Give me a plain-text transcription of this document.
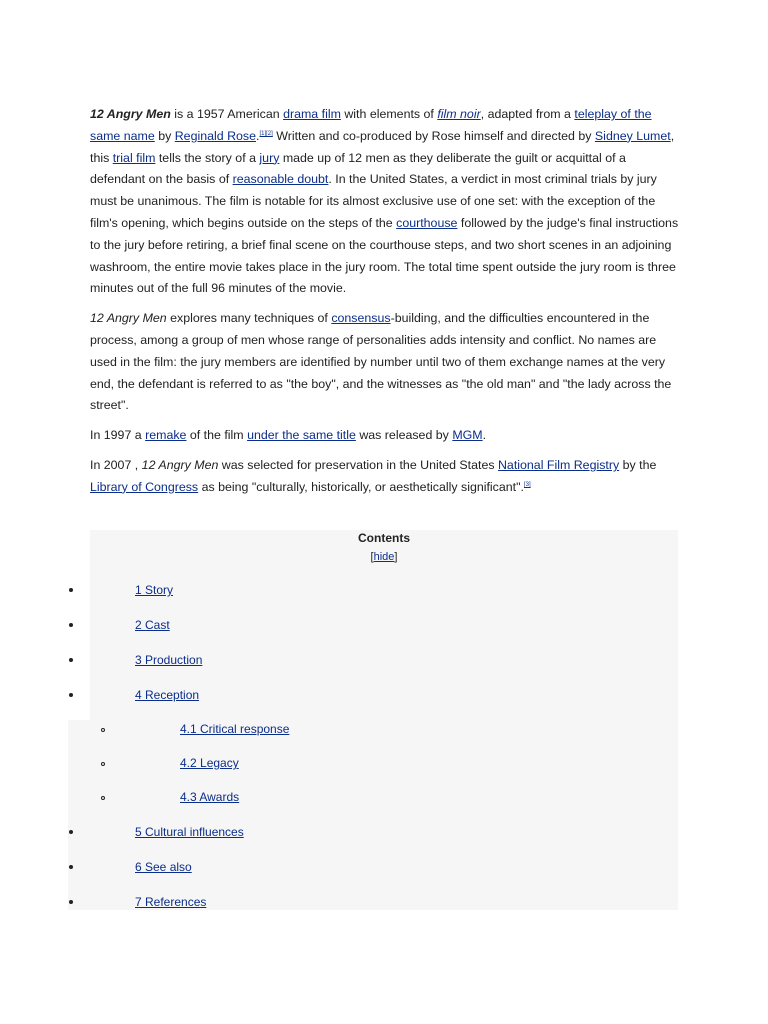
12 Angry Men is a 1957 American drama film with elements of film noir, adapted from a teleplay of the same name by Reginald Rose.[1][2] Written and co-produced by Rose himself and directed by Sidney Lumet, this trial film tells the story of a jury made up of 12 men as they deliberate the guilt or acquittal of a defendant on the basis of reasonable doubt. In the United States, a verdict in most criminal trials by jury must be unanimous. The film is notable for its almost exclusive use of one set: with the exception of the film's opening, which begins outside on the steps of the courthouse followed by the judge's final instructions to the jury before retiring, a brief final scene on the courthouse steps, and two short scenes in an adjoining washroom, the entire movie takes place in the jury room. The total time spent outside the jury room is three minutes out of the full 96 minutes of the movie.

12 Angry Men explores many techniques of consensus-building, and the difficulties encountered in the process, among a group of men whose range of personalities adds intensity and conflict. No names are used in the film: the jury members are identified by number until two of them exchange names at the very end, the defendant is referred to as "the boy", and the witnesses as "the old man" and "the lady across the street".

In 1997 a remake of the film under the same title was released by MGM.

In 2007 , 12 Angry Men was selected for preservation in the United States National Film Registry by the Library of Congress as being "culturally, historically, or aesthetically significant".[3]

Contents
[hide]
1 Story
2 Cast
3 Production
4 Reception
4.1 Critical response
4.2 Legacy
4.3 Awards
5 Cultural influences
6 See also
7 References
